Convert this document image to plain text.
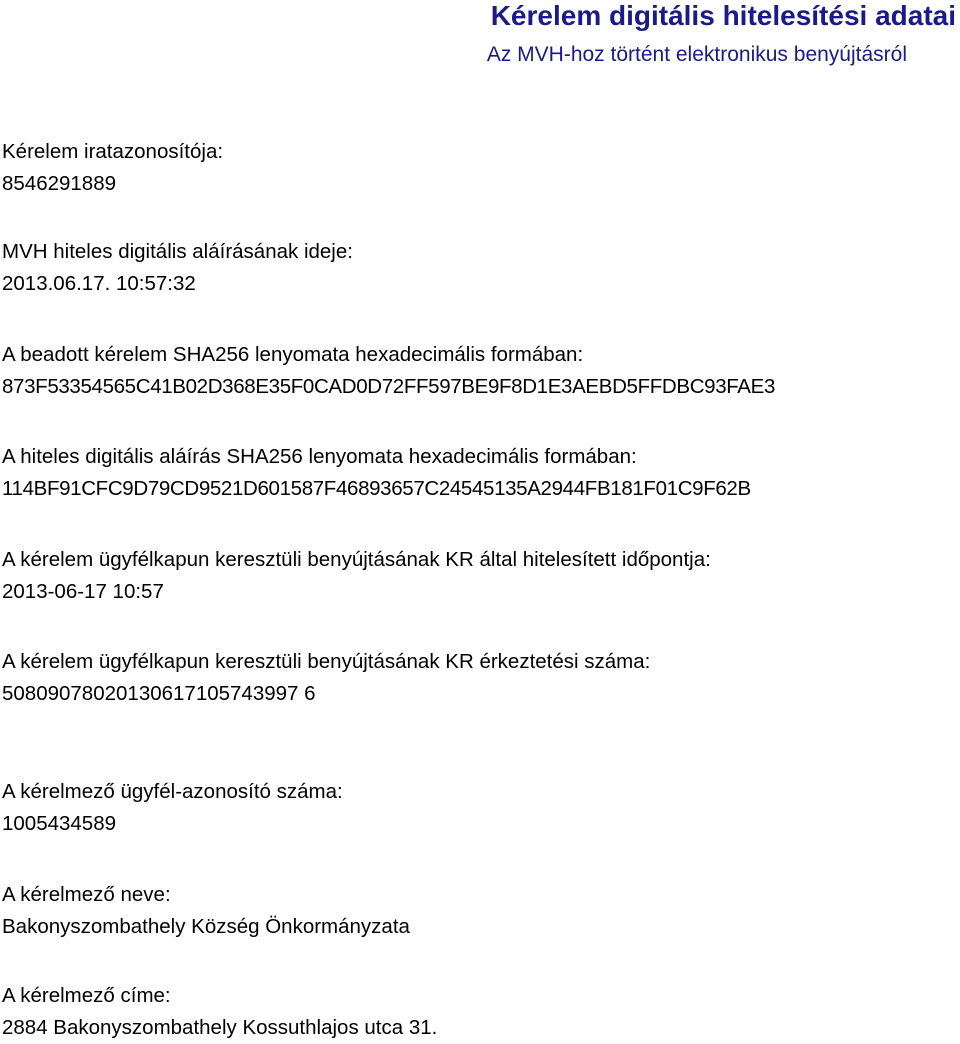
Kérelem digitális hitelesítési adatai
Az MVH-hoz történt elektronikus benyújtásról
Kérelem iratazonosítója:
8546291889
MVH hiteles digitális aláírásának ideje:
2013.06.17. 10:57:32
A beadott kérelem SHA256 lenyomata hexadecimális formában:
873F53354565C41B02D368E35F0CAD0D72FF597BE9F8D1E3AEBD5FFDBC93FAE3
A hiteles digitális aláírás SHA256 lenyomata hexadecimális formában:
114BF91CFC9D79CD9521D601587F46893657C24545135A2944FB181F01C9F62B
A kérelem ügyfélkapun keresztüli benyújtásának KR által hitelesített időpontja:
2013-06-17 10:57
A kérelem ügyfélkapun keresztüli benyújtásának KR érkeztetési száma:
50809078020130617105743997 6
A kérelmező ügyfél-azonosító száma:
1005434589
A kérelmező neve:
Bakonyszombathely Község Önkormányzata
A kérelmező címe:
2884 Bakonyszombathely Kossuthlajos utca 31.
